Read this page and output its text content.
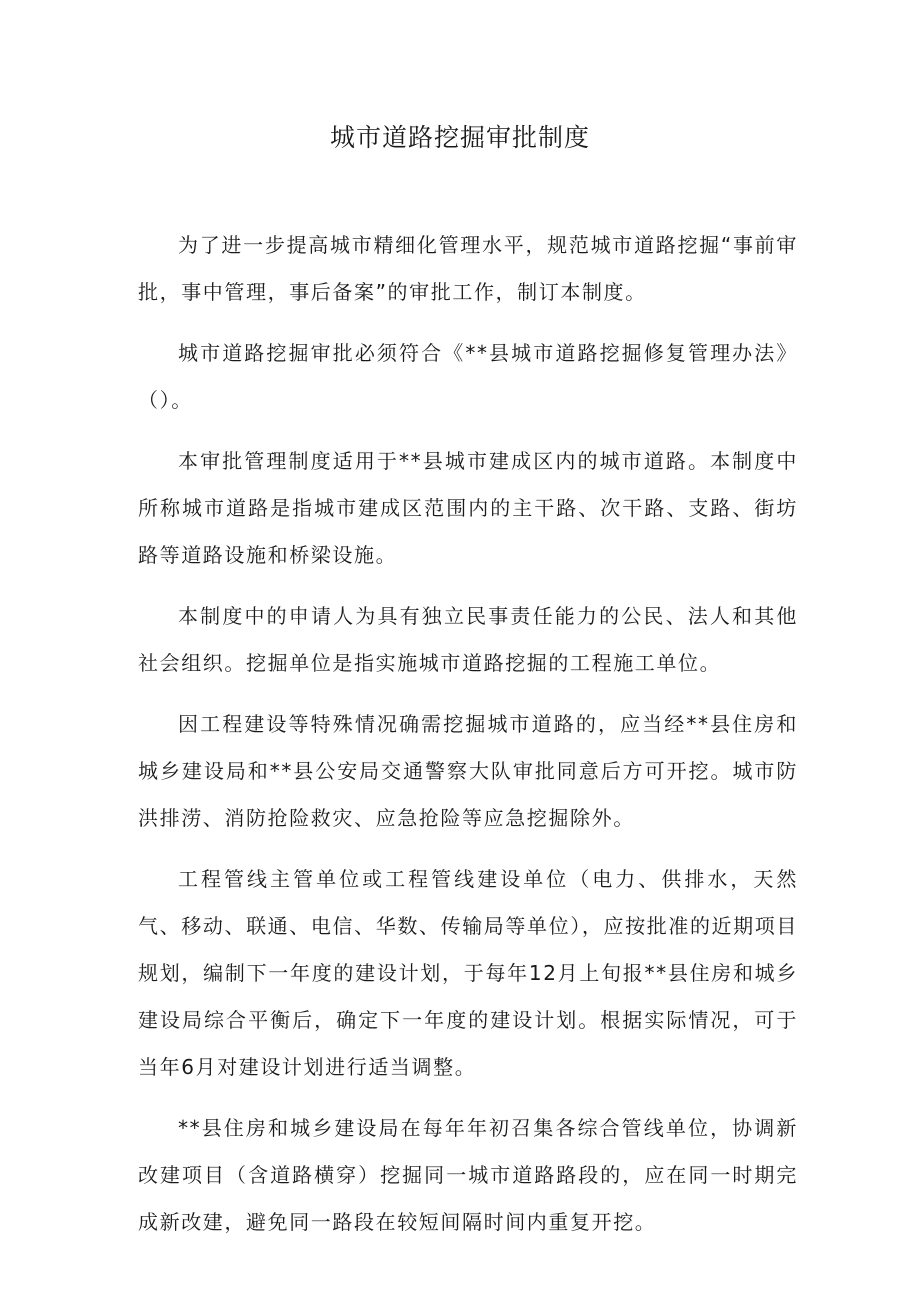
城市道路挖掘审批制度

为了进一步提高城市精细化管理水平，规范城市道路挖掘“事前审批，事中管理，事后备案”的审批工作，制订本制度。

城市道路挖掘审批必须符合《**县城市道路挖掘修复管理办法》（）。

本审批管理制度适用于**县城市建成区内的城市道路。本制度中所称城市道路是指城市建成区范围内的主干路、次干路、支路、街坊路等道路设施和桥梁设施。

本制度中的申请人为具有独立民事责任能力的公民、法人和其他社会组织。挖掘单位是指实施城市道路挖掘的工程施工单位。

因工程建设等特殊情况确需挖掘城市道路的，应当经**县住房和城乡建设局和**县公安局交通警察大队审批同意后方可开挖。城市防洪排涝、消防抢险救灾、应急抢险等应急挖掘除外。

工程管线主管单位或工程管线建设单位（电力、供排水，天然气、移动、联通、电信、华数、传输局等单位），应按批准的近期项目规划，编制下一年度的建设计划，于每年12月上旬报**县住房和城乡建设局综合平衡后，确定下一年度的建设计划。根据实际情况，可于当年6月对建设计划进行适当调整。

**县住房和城乡建设局在每年年初召集各综合管线单位，协调新改建项目（含道路横穿）挖掘同一城市道路路段的，应在同一时期完成新改建，避免同一路段在较短间隔时间内重复开挖。
